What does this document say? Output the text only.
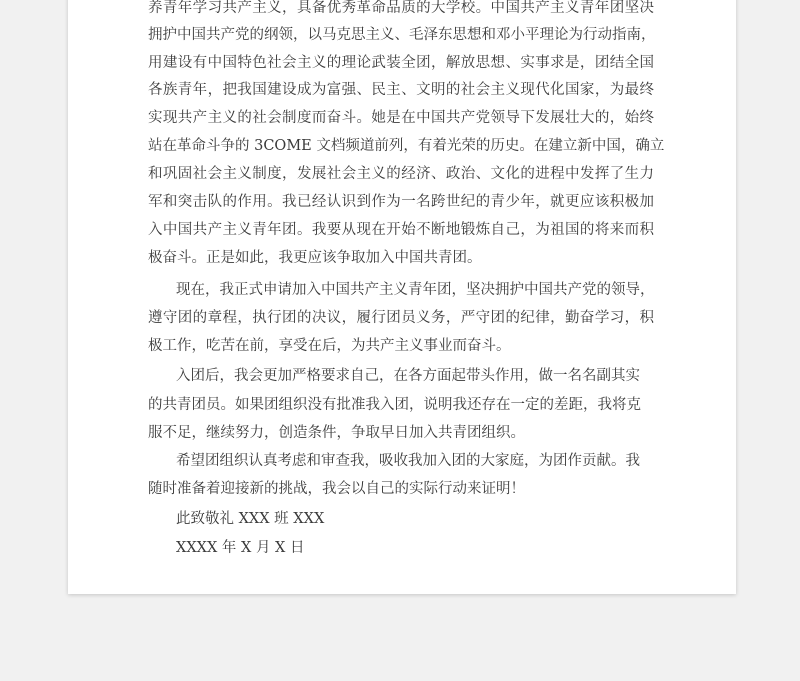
养青年学习共产主义，具备优秀革命品质的大学校。中国共产主义青年团坚决
拥护中国共产党的纲领，以马克思主义、毛泽东思想和邓小平理论为行动指南，
用建设有中国特色社会主义的理论武装全团，解放思想、实事求是，团结全国
各族青年，把我国建设成为富强、民主、文明的社会主义现代化国家，为最终
实现共产主义的社会制度而奋斗。她是在中国共产党领导下发展壮大的，始终
站在革命斗争的 3COME 文档频道前列，有着光荣的历史。在建立新中国，确立
和巩固社会主义制度，发展社会主义的经济、政治、文化的进程中发挥了生力
军和突击队的作用。我已经认识到作为一名跨世纪的青少年，就更应该积极加
入中国共产主义青年团。我要从现在开始不断地锻炼自己，为祖国的将来而积
极奋斗。正是如此，我更应该争取加入中国共青团。
现在，我正式申请加入中国共产主义青年团，坚决拥护中国共产党的领导，
遵守团的章程，执行团的决议，履行团员义务，严守团的纪律，勤奋学习，积
极工作，吃苦在前，享受在后，为共产主义事业而奋斗。
入团后，我会更加严格要求自己，在各方面起带头作用，做一名名副其实
的共青团员。如果团组织没有批准我入团，说明我还存在一定的差距，我将克
服不足，继续努力，创造条件，争取早日加入共青团组织。
希望团组织认真考虑和审查我，吸收我加入团的大家庭，为团作贡献。我
随时准备着迎接新的挑战，我会以自己的实际行动来证明！
此致敬礼 XXX 班 XXX
XXXX 年 X 月 X 日
